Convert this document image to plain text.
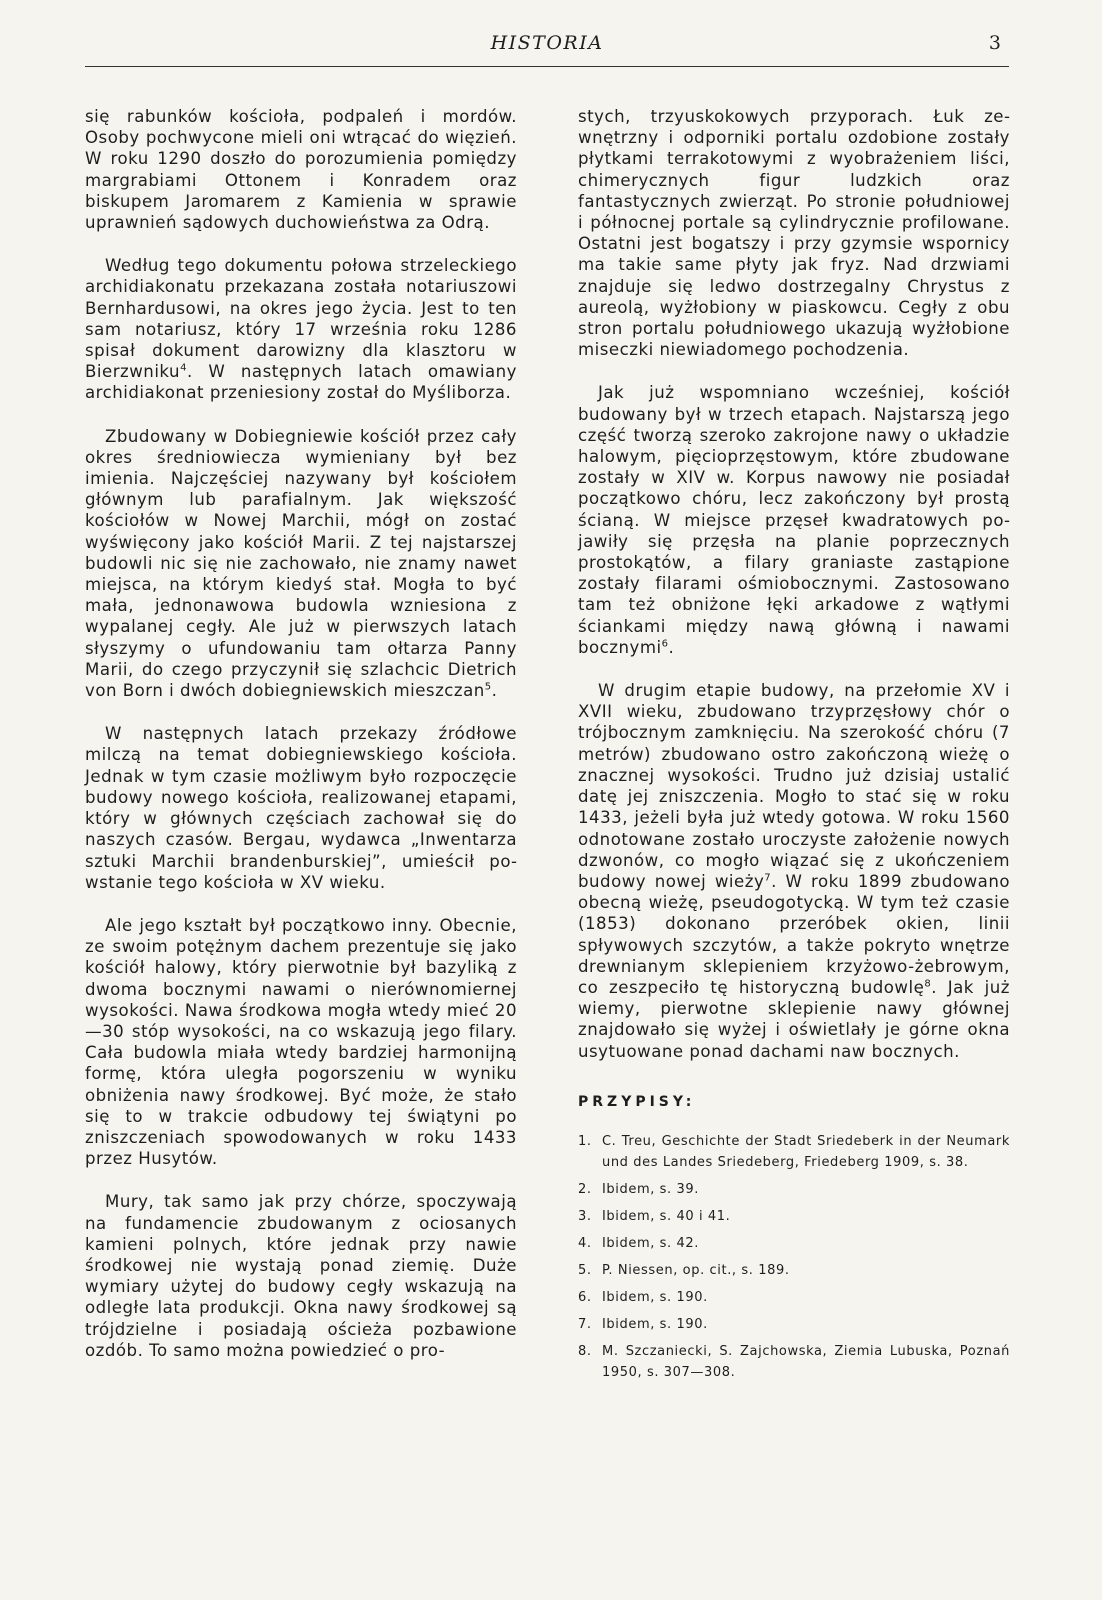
HISTORIA	3

się rabunków kościoła, podpaleń i mordów. Osoby pochwycone mieli oni wtrącać do więzień. W roku 1290 doszło do porozumienia pomiędzy margrabiami Ottonem i Konradem oraz biskupem Jaromarem z Kamienia w sprawie uprawnień sądowych duchowieństwa za Odrą.

Według tego dokumentu połowa strzeleckiego archidiakonatu przekazana została notariuszowi Bernhardusowi, na okres jego życia. Jest to ten sam notariusz, który 17 września roku 1286 spisał dokument darowizny dla klasztoru w Bierzwniku$^4$. W następnych latach omawiany archidiakonat przeniesiony został do Myśliborza.

Zbudowany w Dobiegniewie kościół przez cały okres średniowiecza wymieniany był bez imienia. Najczęściej nazywany był kościołem głównym lub parafialnym. Jak większość kościołów w Nowej Marchii, mógł on zostać wyświęcony jako kościół Marii. Z tej najstarszej budowli nic się nie zachowało, nie znamy nawet miejsca, na którym kiedyś stał. Mogła to być mała, jednonawowa budowla wzniesiona z wypalanej cegły. Ale już w pierwszych latach słyszymy o ufundowaniu tam ołtarza Panny Marii, do czego przyczynił się szlachcic Dietrich von Born i dwóch dobiegniewskich mieszczan$^5$.

W następnych latach przekazy źródłowe milczą na temat dobiegniewskiego kościoła. Jednak w tym czasie możliwym było rozpoczęcie budowy nowego kościoła, realizowanej etapami, który w głównych częściach zachował się do naszych czasów. Bergau, wydawca „Inwentarza sztuki Marchii brandenburskiej”, umieścił powstanie tego kościoła w XV wieku.

Ale jego kształt był początkowo inny. Obecnie, ze swoim potężnym dachem prezentuje się jako kościół halowy, który pierwotnie był bazyliką z dwoma bocznymi nawami o nierównomiernej wysokości. Nawa środkowa mogła wtedy mieć 20—30 stóp wysokości, na co wskazują jego filary. Cała budowla miała wtedy bardziej harmonijną formę, która uległa pogorszeniu w wyniku obniżenia nawy środkowej. Być może, że stało się to w trakcie odbudowy tej świątyni po zniszczeniach spowodowanych w roku 1433 przez Husytów.

Mury, tak samo jak przy chórze, spoczywają na fundamencie zbudowanym z ociosanych kamieni polnych, które jednak przy nawie środkowej nie wystają ponad ziemię. Duże wymiary użytej do budowy cegły wskazują na odległe lata produkcji. Okna nawy środkowej są trójdzielne i posiadają ościeża pozbawione ozdób. To samo można powiedzieć o pro-

stych, trzyuskokowych przyporach. Łuk zewnętrzny i odporniki portalu ozdobione zostały płytkami terrakotowymi z wyobrażeniem liści, chimerycznych figur ludzkich oraz fantastycznych zwierząt. Po stronie południowej i północnej portale są cylindrycznie profilowane. Ostatni jest bogatszy i przy gzymsie wspornicy ma takie same płyty jak fryz. Nad drzwiami znajduje się ledwo dostrzegalny Chrystus z aureolą, wyżłobiony w piaskowcu. Cegły z obu stron portalu południowego ukazują wyżłobione miseczki niewiadomego pochodzenia.

Jak już wspomniano wcześniej, kościół budowany był w trzech etapach. Najstarszą jego część tworzą szeroko zakrojone nawy o układzie halowym, pięcioprzęstowym, które zbudowane zostały w XIV w. Korpus nawowy nie posiadał początkowo chóru, lecz zakończony był prostą ścianą. W miejsce przęseł kwadratowych pojawiły się przęsła na planie poprzecznych prostokątów, a filary graniaste zastąpione zostały filarami ośmiobocznymi. Zastosowano tam też obniżone łęki arkadowe z wątłymi ściankami między nawą główną i nawami bocznymi$^6$.

W drugim etapie budowy, na przełomie XV i XVII wieku, zbudowano trzyprzęsłowy chór o trójbocznym zamknięciu. Na szerokość chóru (7 metrów) zbudowano ostro zakończoną wieżę o znacznej wysokości. Trudno już dzisiaj ustalić datę jej zniszczenia. Mogło to stać się w roku 1433, jeżeli była już wtedy gotowa. W roku 1560 odnotowane zostało uroczyste założenie nowych dzwonów, co mogło wiązać się z ukończeniem budowy nowej wieży$^7$. W roku 1899 zbudowano obecną wieżę, pseudogotycką. W tym też czasie (1853) dokonano przeróbek okien, linii spływowych szczytów, a także pokryto wnętrze drewnianym sklepieniem krzyżowo-żebrowym, co zeszpeciło tę historyczną budowlę$^8$. Jak już wiemy, pierwotne sklepienie nawy głównej znajdowało się wyżej i oświetlały je górne okna usytuowane ponad dachami naw bocznych.

PRZYPISY:
1. C. Treu, Geschichte der Stadt Sriedeberk in der Neumark und des Landes Sriedeberg, Friedeberg 1909, s. 38.
2. Ibidem, s. 39.
3. Ibidem, s. 40 i 41.
4. Ibidem, s. 42.
5. P. Niessen, op. cit., s. 189.
6. Ibidem, s. 190.
7. Ibidem, s. 190.
8. M. Szczaniecki, S. Zajchowska, Ziemia Lubuska, Poznań 1950, s. 307—308.
